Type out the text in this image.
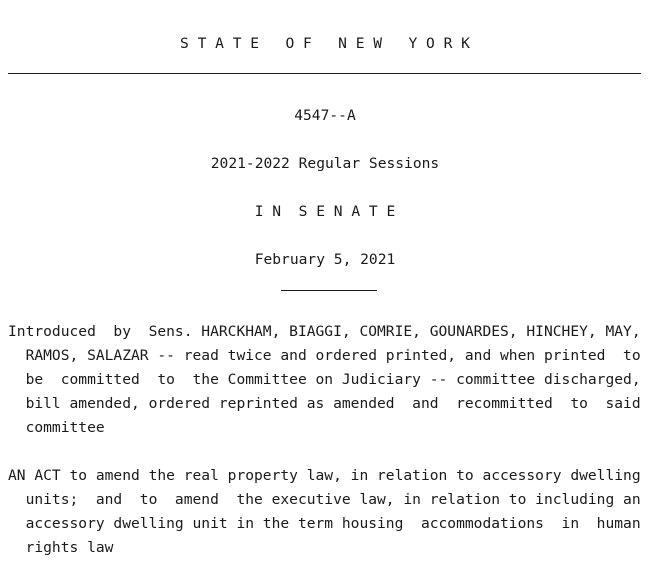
S T A T E   O F   N E W   Y O R K
4547--A
2021-2022 Regular Sessions
I N  S E N A T E
February 5, 2021
Introduced  by  Sens. HARCKHAM, BIAGGI, COMRIE, GOUNARDES, HINCHEY, MAY,
RAMOS, SALAZAR -- read twice and ordered printed, and when printed  to
be  committed  to  the Committee on Judiciary -- committee discharged,
bill amended, ordered reprinted as amended  and  recommitted  to  said
committee
AN ACT to amend the real property law, in relation to accessory dwelling
units;  and  to  amend  the executive law, in relation to including an
accessory dwelling unit in the term housing  accommodations  in  human
rights law
